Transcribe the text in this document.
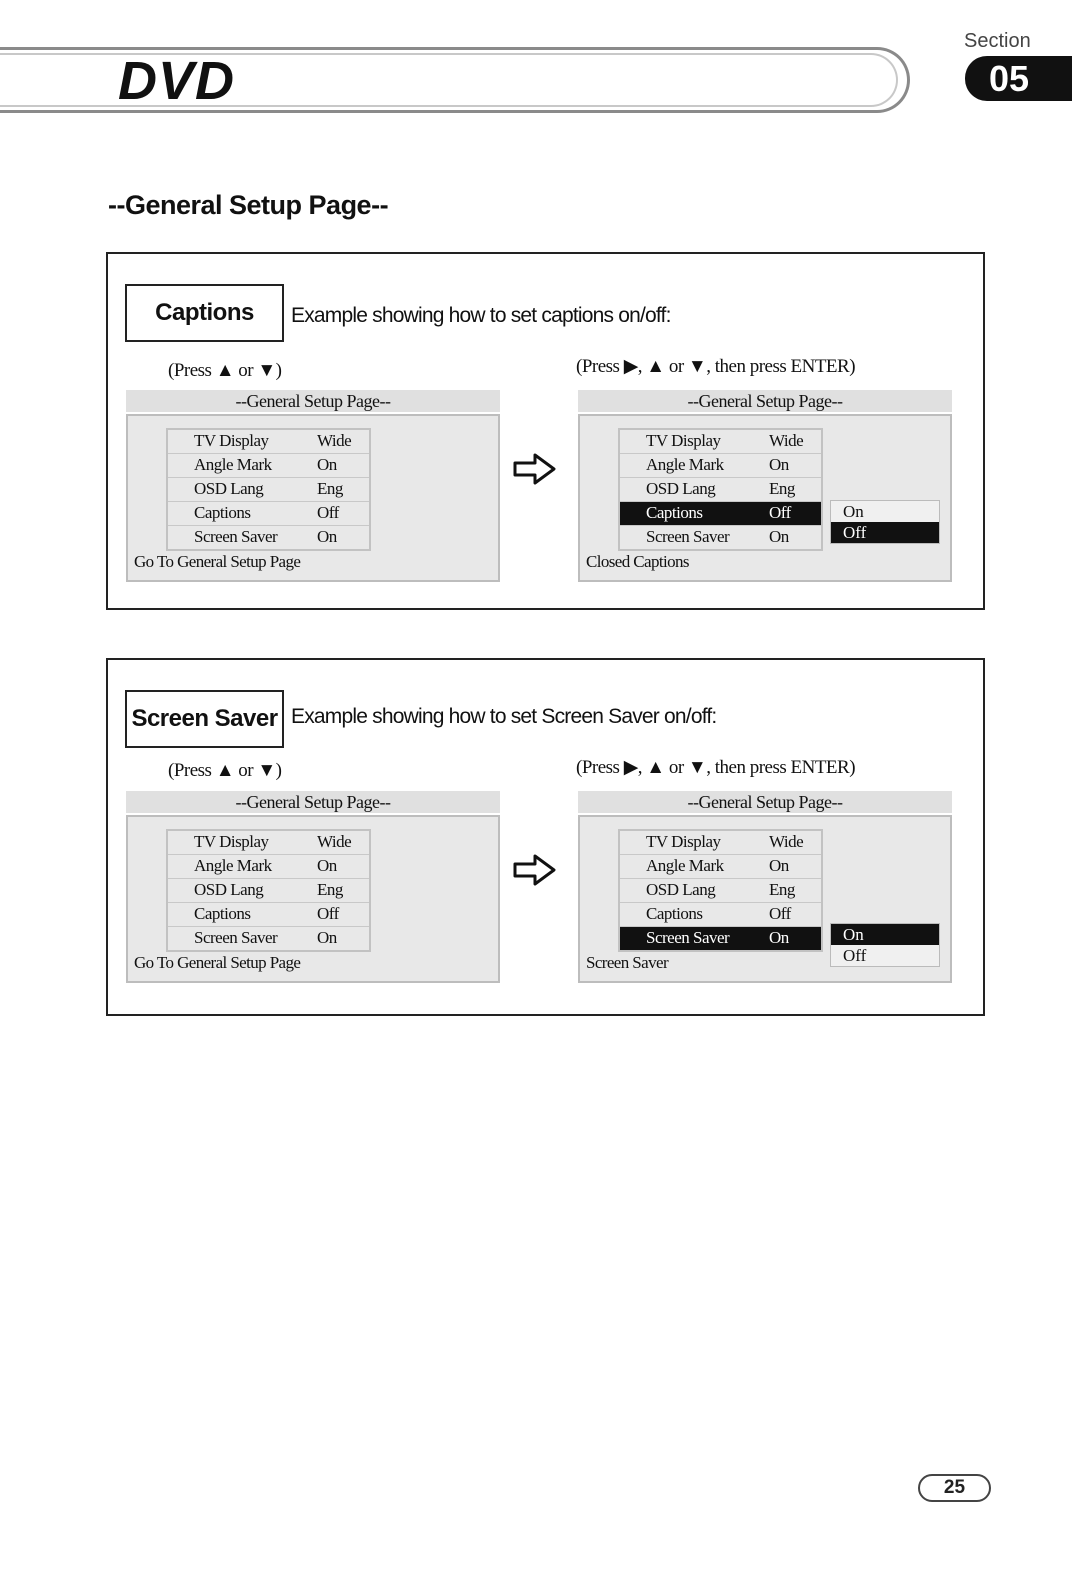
DVD
Section
05
--General Setup Page--
Captions	Example showing how to set captions on/off:
(Press ▲ or ▼)	(Press ▶, ▲ or ▼, then press ENTER)
--General Setup Page--
TV Display	Wide
Angle Mark	On
OSD Lang	Eng
Captions	Off
Screen Saver On
Go To General Setup Page
--General Setup Page--
TV Display	Wide
Angle Mark	On
OSD Lang	Eng
Captions	Off
Screen Saver On
On
Off
Closed Captions
Screen Saver Example showing how to set Screen Saver on/off:
(Press ▲ or ▼)	(Press ▶, ▲ or ▼, then press ENTER)
--General Setup Page--
TV Display	Wide
Angle Mark	On
OSD Lang	Eng
Captions	Off
Screen Saver On
Go To General Setup Page
--General Setup Page--
TV Display	Wide
Angle Mark	On
OSD Lang	Eng
Captions	Off
Screen Saver On	On
Off
Screen Saver
25
